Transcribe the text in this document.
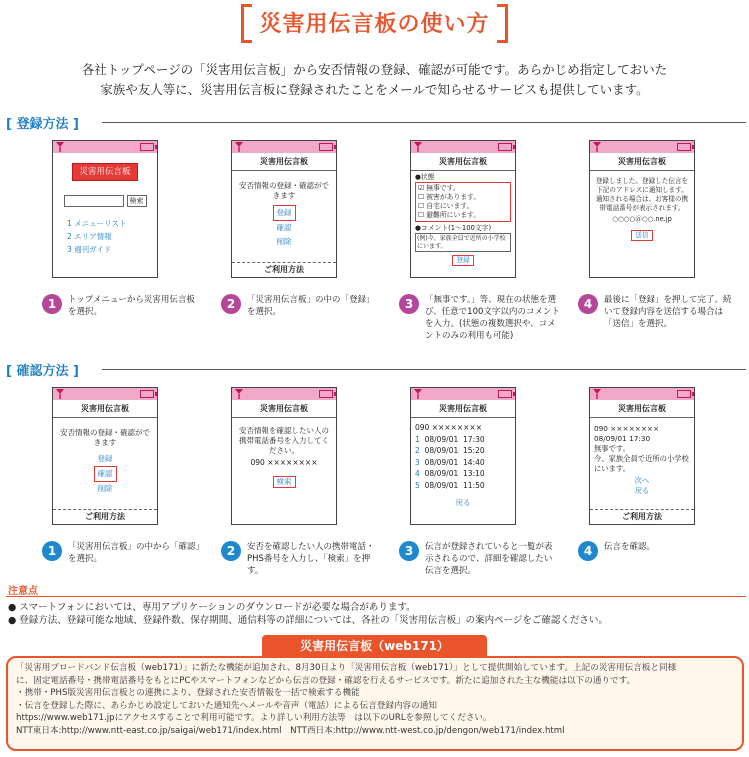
災害用伝言板の使い方
各社トップページの「災害用伝言板」から安否情報の登録、確認が可能です。あらかじめ指定しておいた
家族や友人等に、災害用伝言板に登録されたことをメールで知らせるサービスも提供しています。
[ 登録方法 ]
災害用伝言板
検索
1 メニューリスト
2 エリア情報
3 週刊ガイド
災害用伝言板
安否情報の登録・確認ができます
登録
確認
削除
ご利用方法
災害用伝言板
●状態
☑ 無事です。
☐ 被害があります。
☐ 自宅にいます。
☐ 避難所にいます。
●コメント(1～100文字)
(例)今、家族全員で近所の小学校にいます。
登録
災害用伝言板
登録しました。登録した伝言を下記のアドレスに通知します。通知される場合は、お客様の携帯電話番号が表示されます。
○○○○＠○○.ne.jp
送信
1	トップメニューから災害用伝言板を選択。
2	「災害用伝言板」の中の「登録」を選択。
3	「無事です。」等、現在の状態を選び、任意で100文字以内のコメントを入力。(状態の複数選択や、コメントのみの利用も可能)
4	最後に「登録」を押して完了。続いて登録内容を送信する場合は「送信」を選択。
[ 確認方法 ]
災害用伝言板
安否情報の登録・確認ができます
登録
確認
削除
ご利用方法
災害用伝言板
安否情報を確認したい人の携帯電話番号を入力してください。
090 ××××××××
検索
災害用伝言板
090 ××××××××
1 08/09/01 17:30
2 08/09/01 15:20
3 08/09/01 14:40
4 08/09/01 13:10
5 08/09/01 11:50
戻る
災害用伝言板
090 ××××××××
08/09/01 17:30
無事です。
今、家族全員で近所の小学校にいます。
次へ
戻る
ご利用方法
1	「災害用伝言板」の中から「確認」を選択。
2	安否を確認したい人の携帯電話・PHS番号を入力し、「検索」を押す。
3	伝言が登録されていると一覧が表示されるので、詳細を確認したい伝言を選択。
4	伝言を確認。
注意点
● スマートフォンにおいては、専用アプリケーションのダウンロードが必要な場合があります。
● 登録方法、登録可能な地域、登録件数、保存期間、通信料等の詳細については、各社の「災害用伝言板」の案内ページをご確認ください。
災害用伝言板（web171）
「災害用ブロードバンド伝言板（web171）」に新たな機能が追加され、8月30日より「災害用伝言板（web171）」として提供開始しています。上記の災害用伝言板と同様
に、固定電話番号・携帯電話番号をもとにPCやスマートフォンなどから伝言の登録・確認を行えるサービスです。新たに追加された主な機能は以下の通りです。
・携帯・PHS版災害用伝言板との連携により、登録された安否情報を一括で検索する機能
・伝言を登録した際に、あらかじめ設定しておいた通知先へメールや音声（電話）による伝言登録内容の通知
https://www.web171.jpにアクセスすることで利用可能です。より詳しい利用方法等　は以下のURLを参照してください。
NTT東日本:http://www.ntt-east.co.jp/saigai/web171/index.html　NTT西日本:http://www.ntt-west.co.jp/dengon/web171/index.html
